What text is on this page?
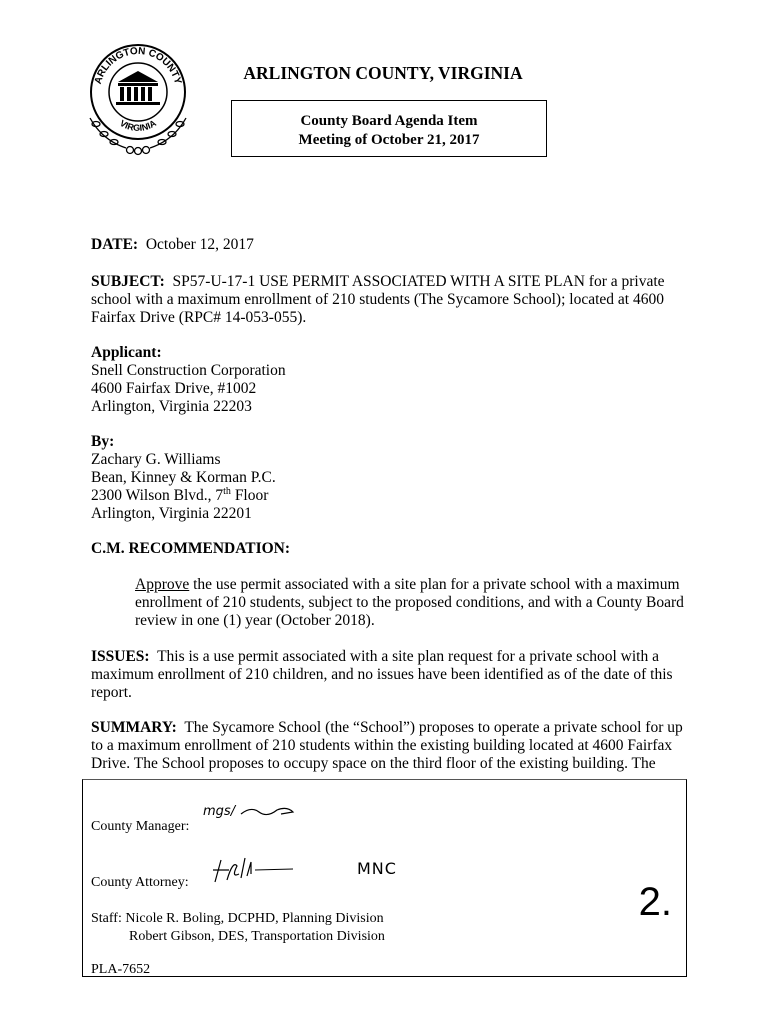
ARLINGTON COUNTY
VIRGINIA
ARLINGTON COUNTY, VIRGINIA
County Board Agenda Item
Meeting of October 21, 2017
DATE: October 12, 2017
SUBJECT: SP57-U-17-1 USE PERMIT ASSOCIATED WITH A SITE PLAN for a private
school with a maximum enrollment of 210 students (The Sycamore School); located at 4600
Fairfax Drive (RPC# 14-053-055).
Applicant:
Snell Construction Corporation
4600 Fairfax Drive, #1002
Arlington, Virginia 22203
By:
Zachary G. Williams
Bean, Kinney & Korman P.C.
2300 Wilson Blvd., 7th Floor
Arlington, Virginia 22201
C.M. RECOMMENDATION:
Approve the use permit associated with a site plan for a private school with a maximum
enrollment of 210 students, subject to the proposed conditions, and with a County Board
review in one (1) year (October 2018).
ISSUES:  This is a use permit associated with a site plan request for a private school with a
maximum enrollment of 210 children, and no issues have been identified as of the date of this
report.
SUMMARY:  The Sycamore School (the “School”) proposes to operate a private school for up
to a maximum enrollment of 210 students within the existing building located at 4600 Fairfax
Drive. The School proposes to occupy space on the third floor of the existing building. The
County Manager:
mgs/
County Attorney:
MNC
Staff: Nicole R. Boling, DCPHD, Planning Division
Robert Gibson, DES, Transportation Division
2.
PLA-7652
